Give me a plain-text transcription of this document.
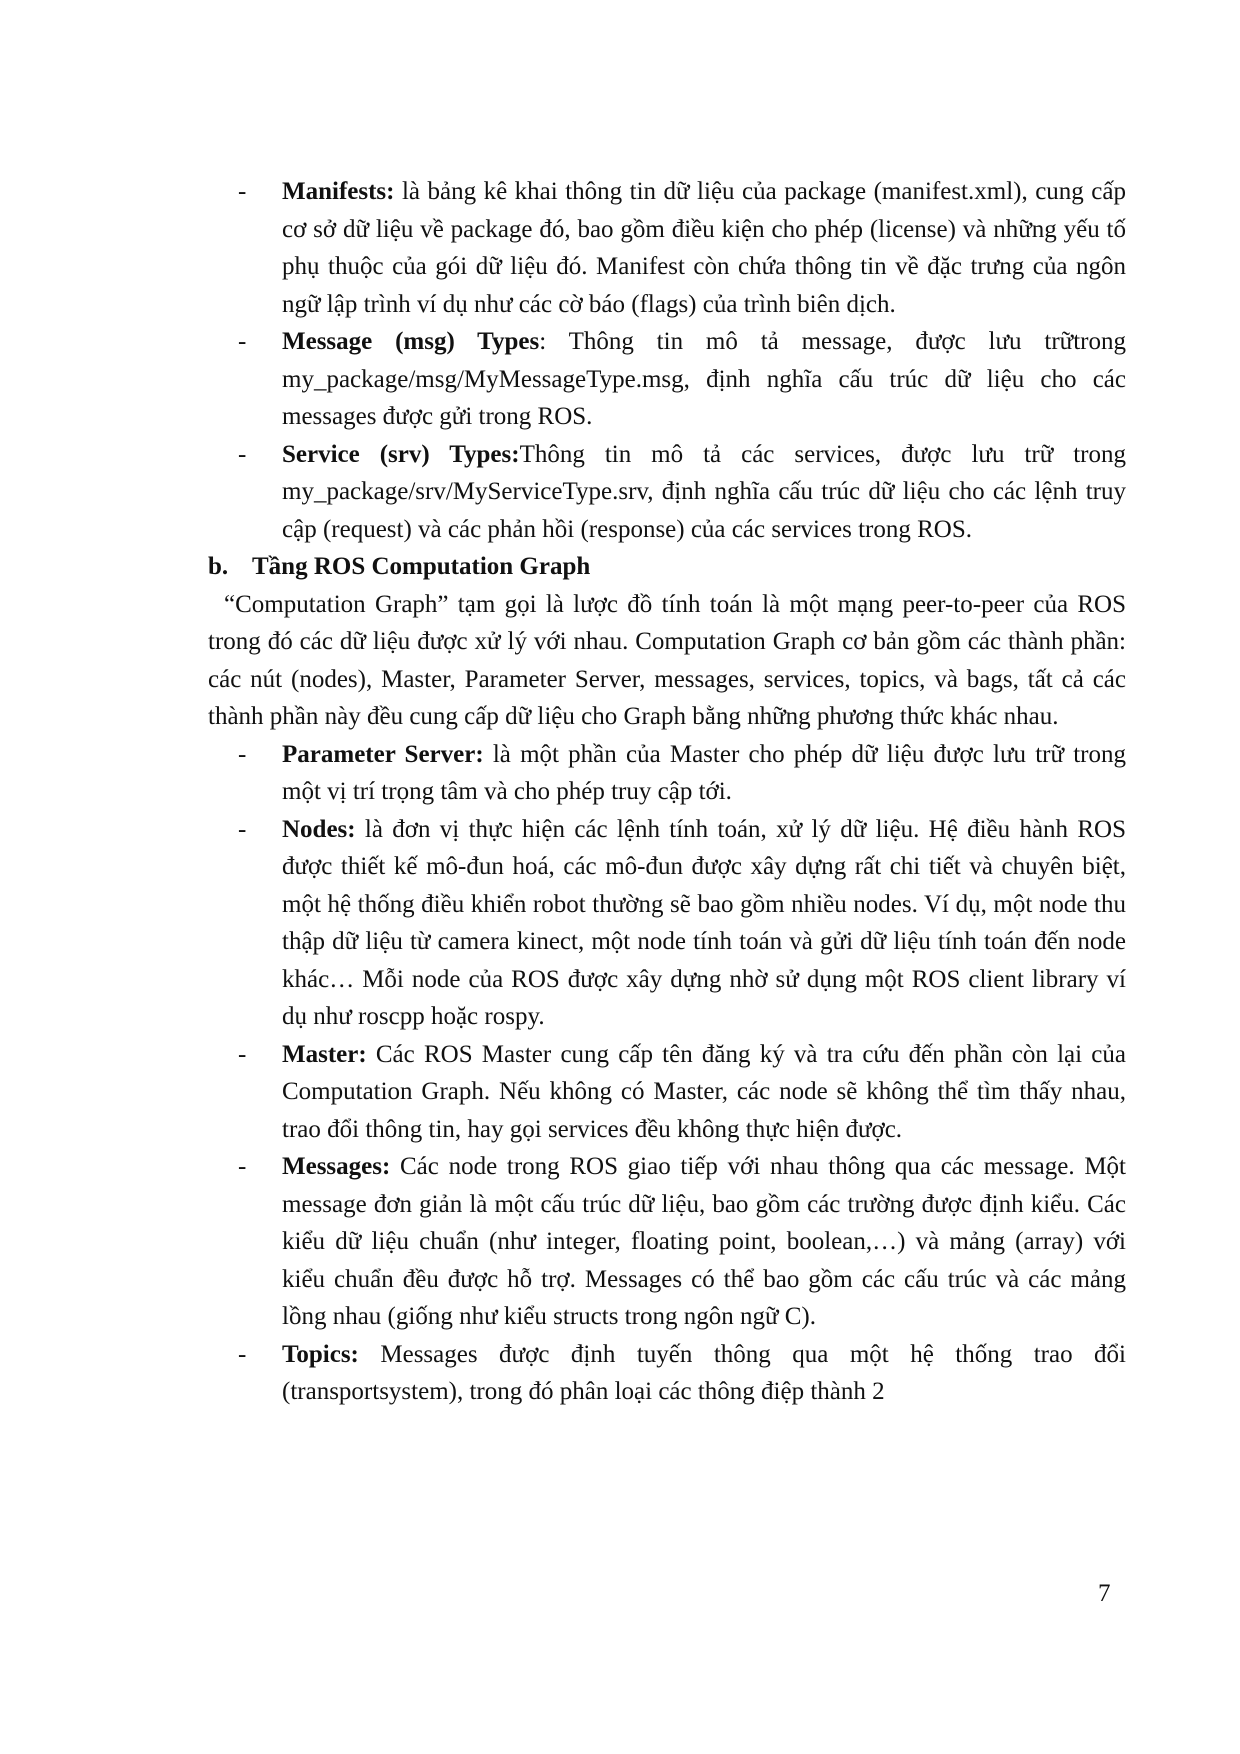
-	Manifests: là bảng kê khai thông tin dữ liệu của package (manifest.xml), cung cấp cơ sở dữ liệu về package đó, bao gồm điều kiện cho phép (license) và những yếu tố phụ thuộc của gói dữ liệu đó. Manifest còn chứa thông tin về đặc trưng của ngôn ngữ lập trình ví dụ như các cờ báo (flags) của trình biên dịch.
-	Message (msg) Types: Thông tin mô tả message, được lưu trữtrong my_package/msg/MyMessageType.msg, định nghĩa cấu trúc dữ liệu cho các messages được gửi trong ROS.
-	Service (srv) Types:Thông tin mô tả các services, được lưu trữ trong my_package/srv/MyServiceType.srv, định nghĩa cấu trúc dữ liệu cho các lệnh truy cập (request) và các phản hồi (response) của các services trong ROS.
b. Tầng ROS Computation Graph
“Computation Graph” tạm gọi là lược đồ tính toán là một mạng peer-to-peer của ROS trong đó các dữ liệu được xử lý với nhau. Computation Graph cơ bản gồm các thành phần: các nút (nodes), Master, Parameter Server, messages, services, topics, và bags, tất cả các thành phần này đều cung cấp dữ liệu cho Graph bằng những phương thức khác nhau.
-	Parameter Server: là một phần của Master cho phép dữ liệu được lưu trữ trong một vị trí trọng tâm và cho phép truy cập tới.
-	Nodes: là đơn vị thực hiện các lệnh tính toán, xử lý dữ liệu. Hệ điều hành ROS được thiết kế mô-đun hoá, các mô-đun được xây dựng rất chi tiết và chuyên biệt, một hệ thống điều khiển robot thường sẽ bao gồm nhiều nodes. Ví dụ, một node thu thập dữ liệu từ camera kinect, một node tính toán và gửi dữ liệu tính toán đến node khác… Mỗi node của ROS được xây dựng nhờ sử dụng một ROS client library ví dụ như roscpp hoặc rospy.
-	Master: Các ROS Master cung cấp tên đăng ký và tra cứu đến phần còn lại của Computation Graph. Nếu không có Master, các node sẽ không thể tìm thấy nhau, trao đổi thông tin, hay gọi services đều không thực hiện được.
-	Messages: Các node trong ROS giao tiếp với nhau thông qua các message. Một message đơn giản là một cấu trúc dữ liệu, bao gồm các trường được định kiểu. Các kiểu dữ liệu chuẩn (như integer, floating point, boolean,…) và mảng (array) với kiểu chuẩn đều được hỗ trợ. Messages có thể bao gồm các cấu trúc và các mảng lồng nhau (giống như kiểu structs trong ngôn ngữ C).
-	Topics: Messages được định tuyến thông qua một hệ thống trao đổi (transportsystem), trong đó phân loại các thông điệp thành 2
7
